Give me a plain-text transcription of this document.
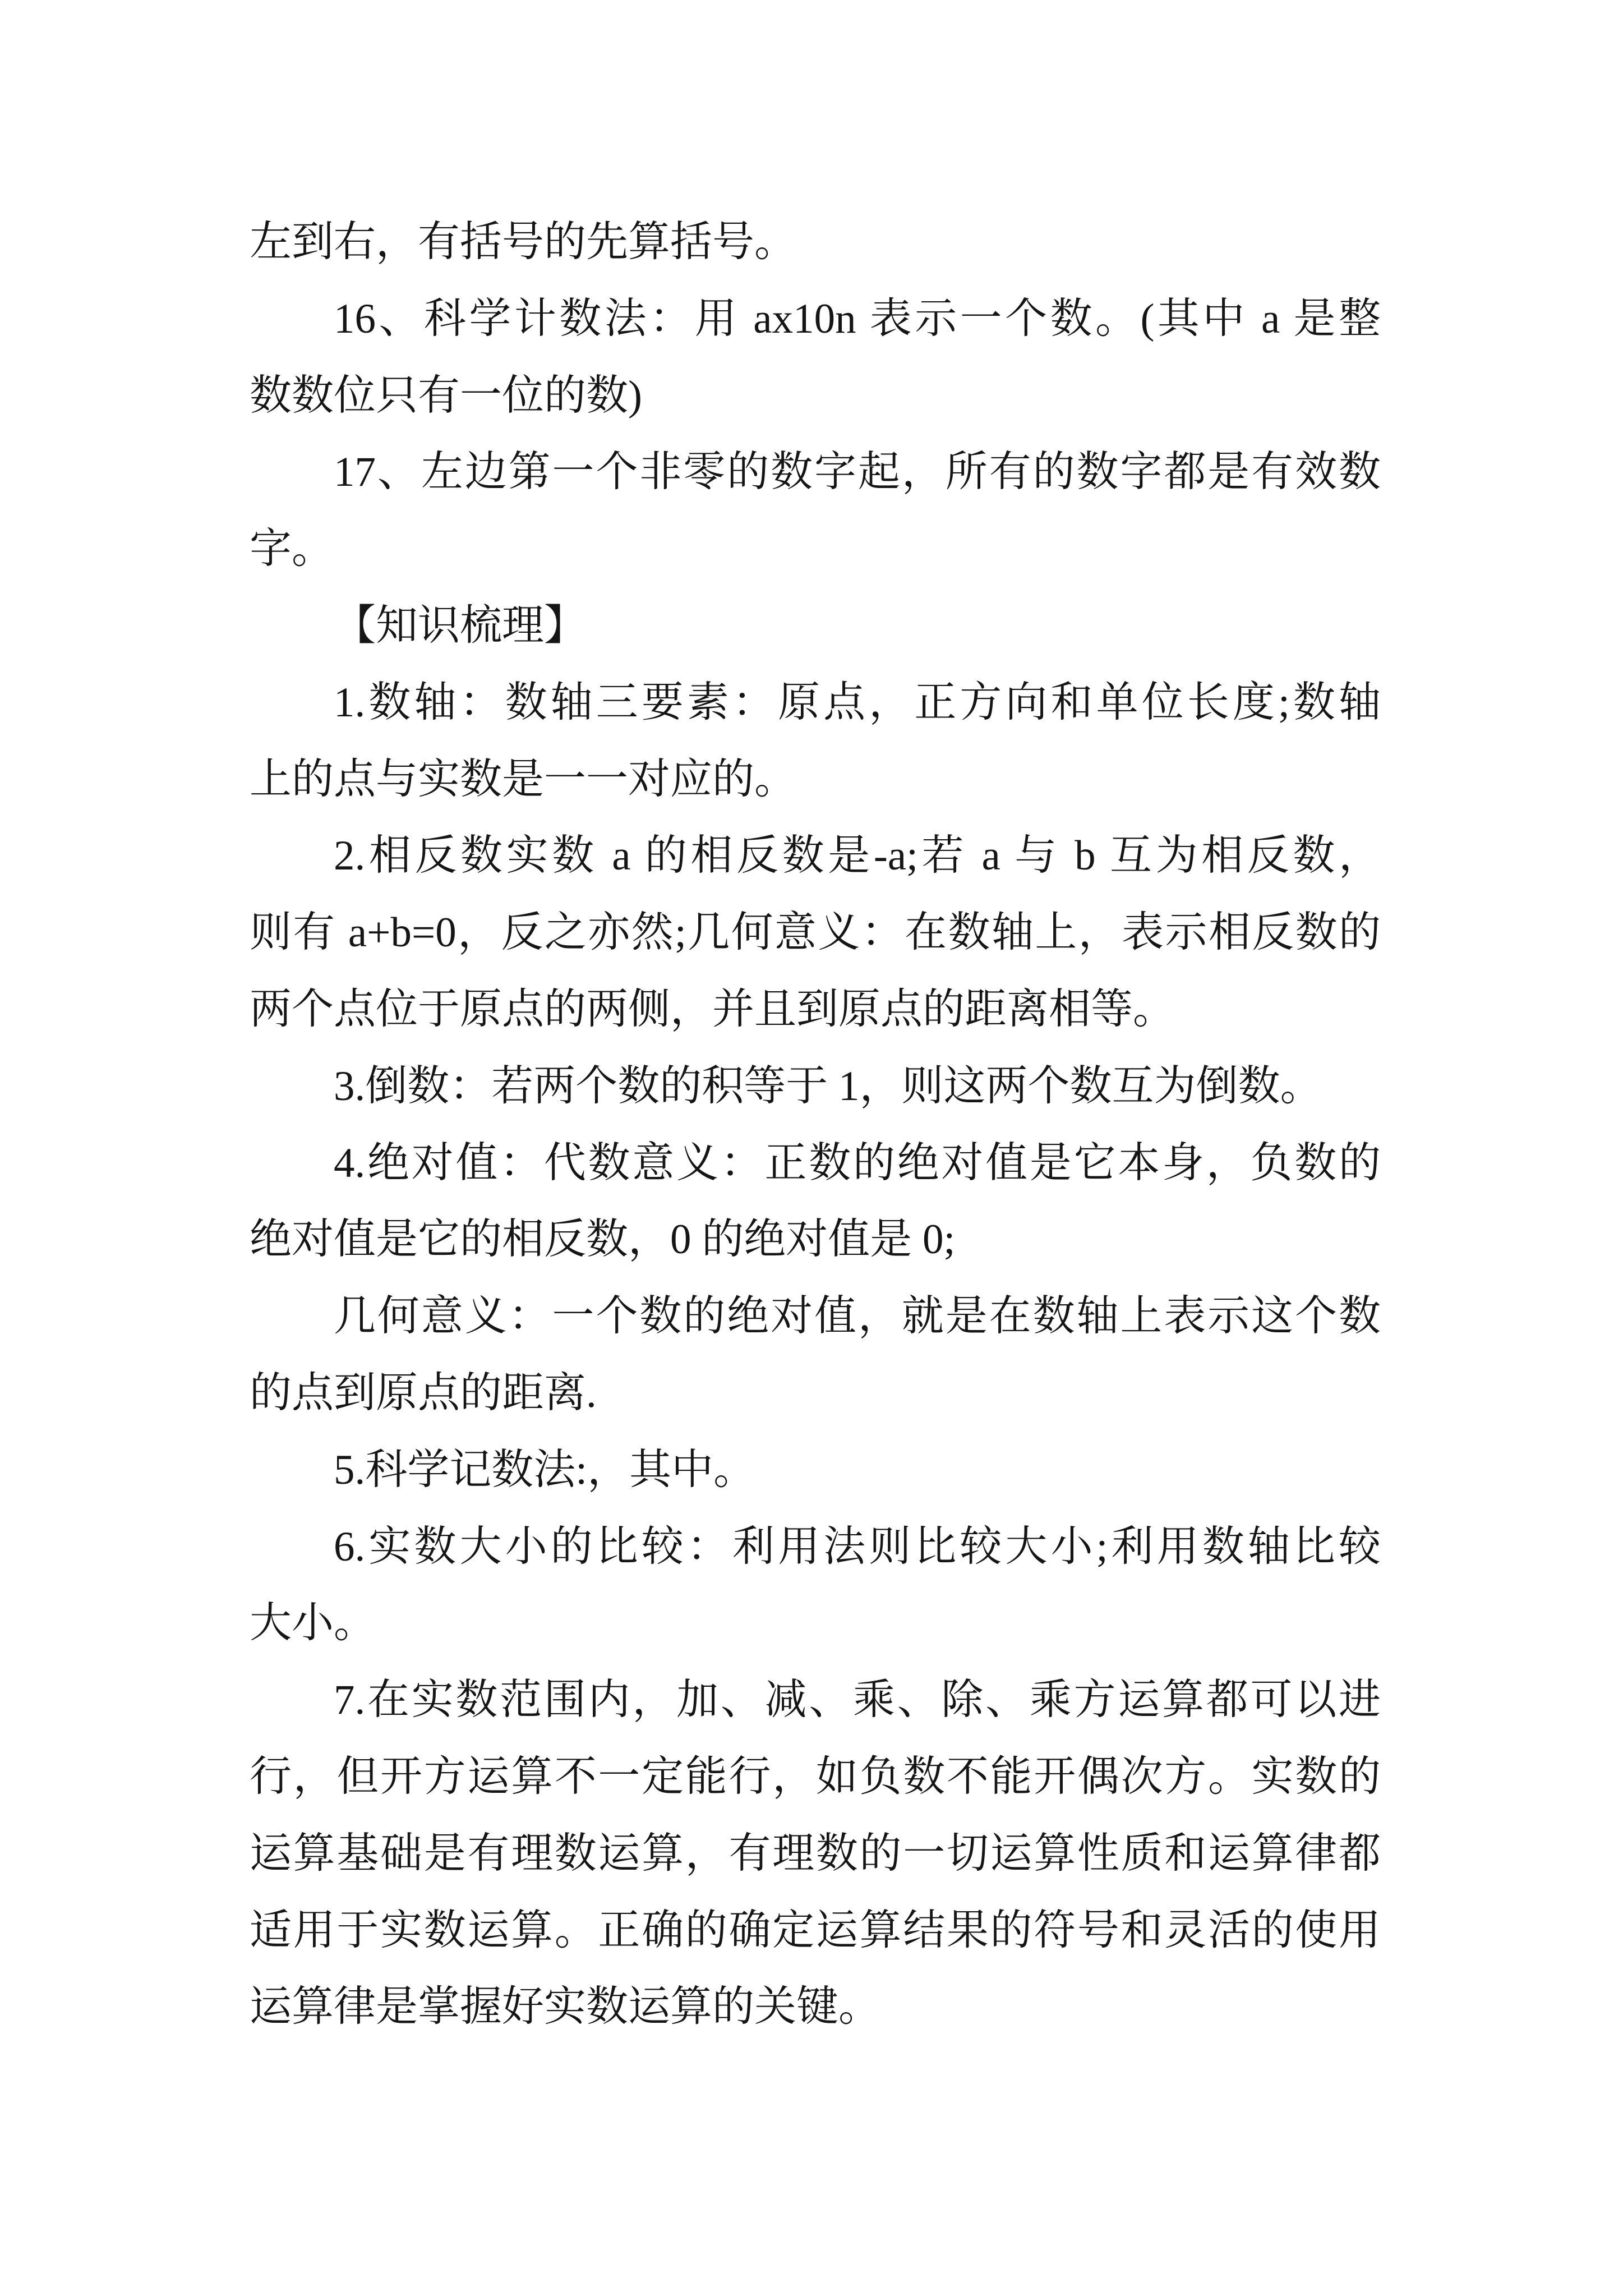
左到右，有括号的先算括号。
16、科学计数法：用 ax10n 表示一个数。(其中 a 是整
数数位只有一位的数)
17、左边第一个非零的数字起，所有的数字都是有效数
字。
【知识梳理】
1.数轴：数轴三要素：原点，正方向和单位长度;数轴
上的点与实数是一一对应的。
2.相反数实数 a 的相反数是-a;若 a 与 b 互为相反数，
则有 a+b=0，反之亦然;几何意义：在数轴上，表示相反数的
两个点位于原点的两侧，并且到原点的距离相等。
3.倒数：若两个数的积等于 1，则这两个数互为倒数。
4.绝对值：代数意义：正数的绝对值是它本身，负数的
绝对值是它的相反数，0 的绝对值是 0;
几何意义：一个数的绝对值，就是在数轴上表示这个数
的点到原点的距离.
5.科学记数法:，其中。
6.实数大小的比较：利用法则比较大小;利用数轴比较
大小。
7.在实数范围内，加、减、乘、除、乘方运算都可以进
行，但开方运算不一定能行，如负数不能开偶次方。实数的
运算基础是有理数运算，有理数的一切运算性质和运算律都
适用于实数运算。正确的确定运算结果的符号和灵活的使用
运算律是掌握好实数运算的关键。
